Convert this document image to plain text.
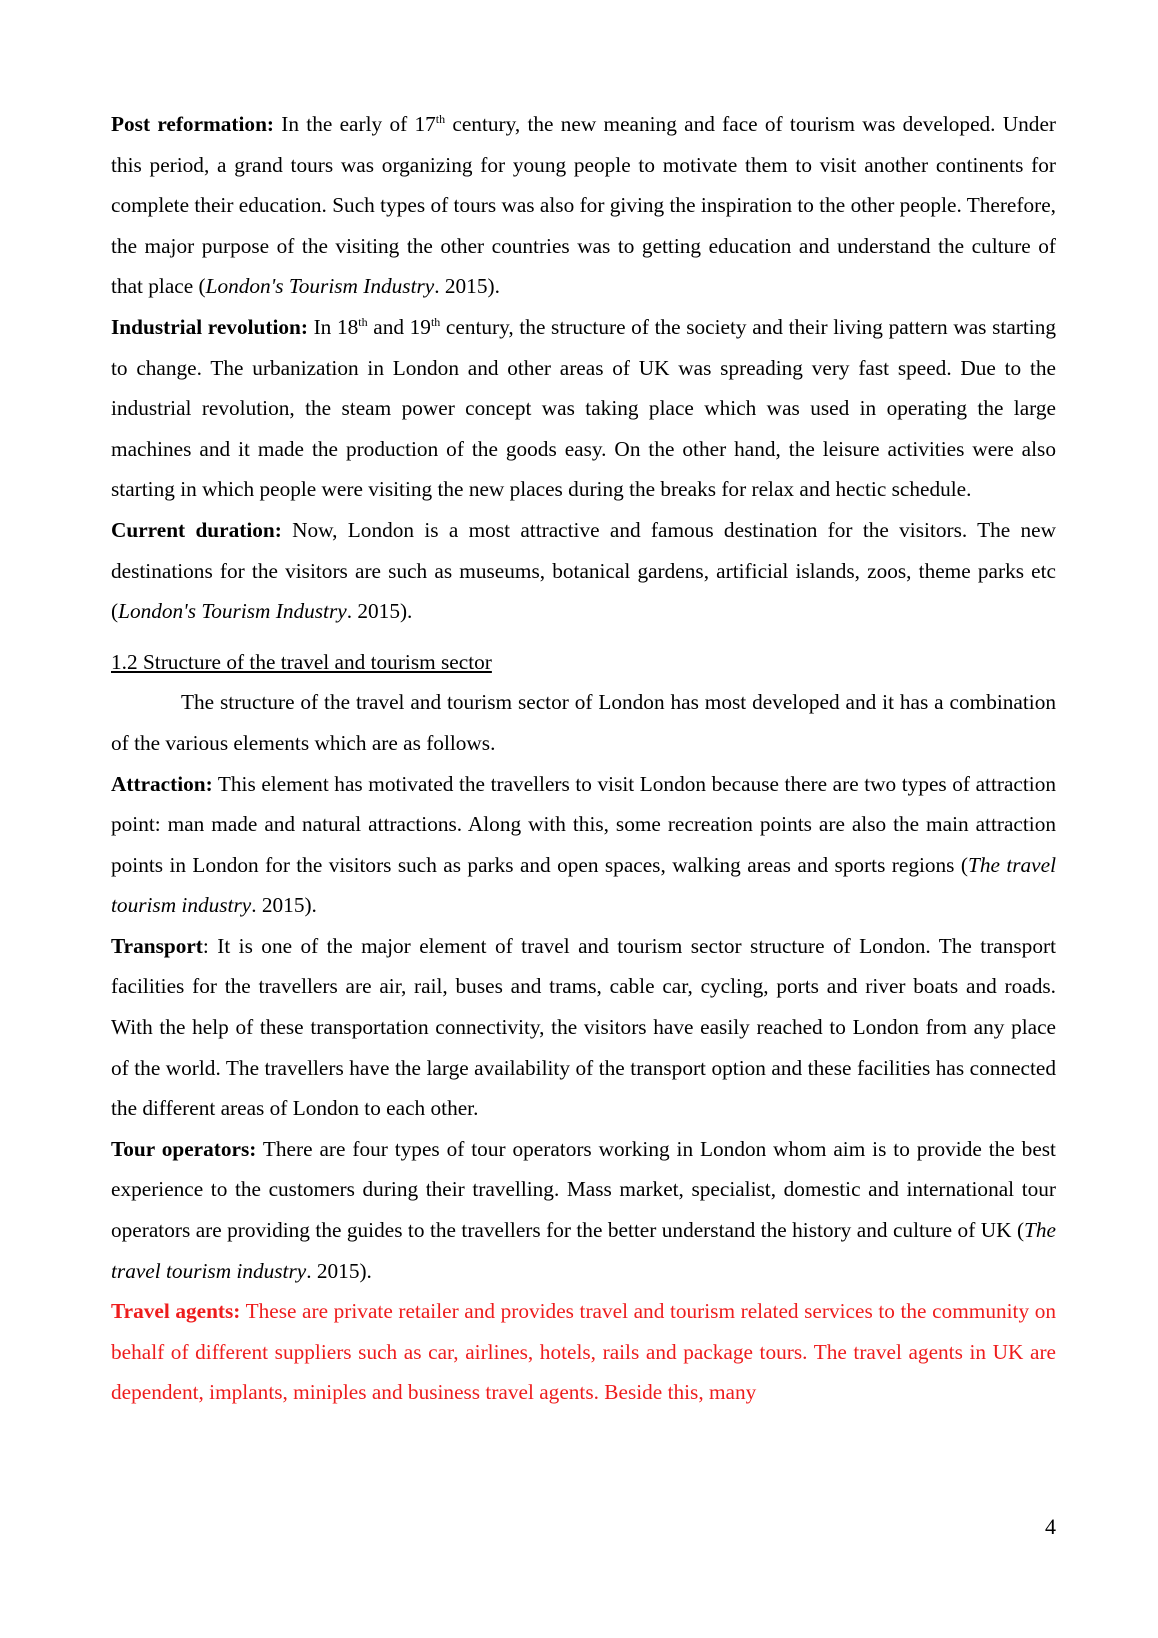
Post reformation: In the early of 17th century, the new meaning and face of tourism was developed. Under this period, a grand tours was organizing for young people to motivate them to visit another continents for complete their education. Such types of tours was also for giving the inspiration to the other people. Therefore, the major purpose of the visiting the other countries was to getting education and understand the culture of that place (London's Tourism Industry. 2015).

Industrial revolution: In 18th and 19th century, the structure of the society and their living pattern was starting to change. The urbanization in London and other areas of UK was spreading very fast speed. Due to the industrial revolution, the steam power concept was taking place which was used in operating the large machines and it made the production of the goods easy. On the other hand, the leisure activities were also starting in which people were visiting the new places during the breaks for relax and hectic schedule.

Current duration: Now, London is a most attractive and famous destination for the visitors. The new destinations for the visitors are such as museums, botanical gardens, artificial islands, zoos, theme parks etc (London's Tourism Industry. 2015).

1.2 Structure of the travel and tourism sector

The structure of the travel and tourism sector of London has most developed and it has a combination of the various elements which are as follows.

Attraction: This element has motivated the travellers to visit London because there are two types of attraction point: man made and natural attractions. Along with this, some recreation points are also the main attraction points in London for the visitors such as parks and open spaces, walking areas and sports regions (The travel tourism industry. 2015).

Transport: It is one of the major element of travel and tourism sector structure of London. The transport facilities for the travellers are air, rail, buses and trams, cable car, cycling, ports and river boats and roads. With the help of these transportation connectivity, the visitors have easily reached to London from any place of the world. The travellers have the large availability of the transport option and these facilities has connected the different areas of London to each other.

Tour operators: There are four types of tour operators working in London whom aim is to provide the best experience to the customers during their travelling. Mass market, specialist, domestic and international tour operators are providing the guides to the travellers for the better understand the history and culture of UK (The travel tourism industry. 2015).

Travel agents: These are private retailer and provides travel and tourism related services to the community on behalf of different suppliers such as car, airlines, hotels, rails and package tours. The travel agents in UK are dependent, implants, miniples and business travel agents. Beside this, many

4
